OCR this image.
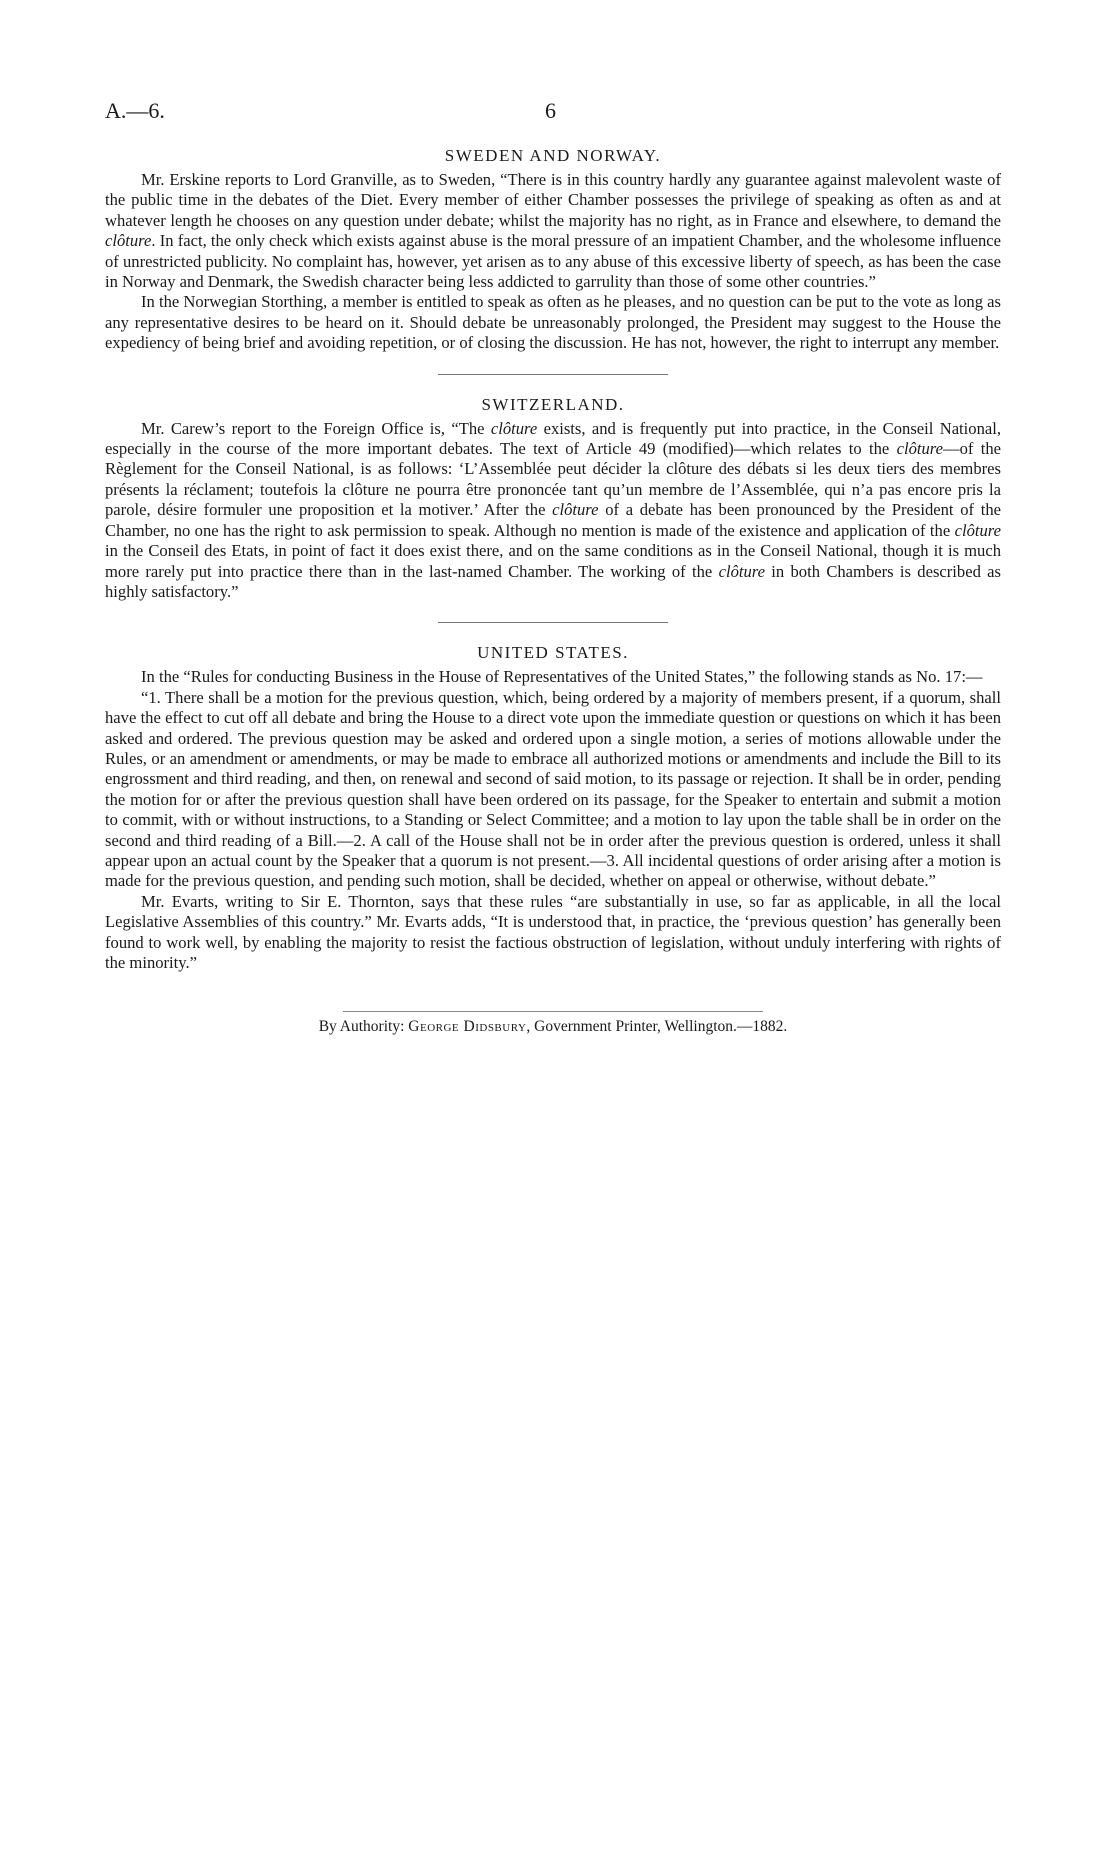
A.—6.	6
SWEDEN AND NORWAY.

Mr. Erskine reports to Lord Granville, as to Sweden, “There is in this country hardly any guarantee against malevolent waste of the public time in the debates of the Diet. Every member of either Chamber possesses the privilege of speaking as often as and at whatever length he chooses on any question under debate; whilst the majority has no right, as in France and elsewhere, to demand the clôture. In fact, the only check which exists against abuse is the moral pressure of an impatient Chamber, and the wholesome influence of unrestricted publicity. No complaint has, however, yet arisen as to any abuse of this excessive liberty of speech, as has been the case in Norway and Denmark, the Swedish character being less addicted to garrulity than those of some other countries.”

In the Norwegian Storthing, a member is entitled to speak as often as he pleases, and no question can be put to the vote as long as any representative desires to be heard on it. Should debate be unreasonably prolonged, the President may suggest to the House the expediency of being brief and avoiding repetition, or of closing the discussion. He has not, however, the right to interrupt any member.

SWITZERLAND.

Mr. Carew’s report to the Foreign Office is, “The clôture exists, and is frequently put into practice, in the Conseil National, especially in the course of the more important debates. The text of Article 49 (modified)—which relates to the clôture—of the Règlement for the Conseil National, is as follows: ‘L’Assemblée peut décider la clôture des débats si les deux tiers des membres présents la réclament; toutefois la clôture ne pourra être prononcée tant qu’un membre de l’Assemblée, qui n’a pas encore pris la parole, désire formuler une proposition et la motiver.’ After the clôture of a debate has been pronounced by the President of the Chamber, no one has the right to ask permission to speak. Although no mention is made of the existence and application of the clôture in the Conseil des Etats, in point of fact it does exist there, and on the same conditions as in the Conseil National, though it is much more rarely put into practice there than in the last-named Chamber. The working of the clôture in both Chambers is described as highly satisfactory.”

UNITED STATES.

In the “Rules for conducting Business in the House of Representatives of the United States,” the following stands as No. 17:—

“1. There shall be a motion for the previous question, which, being ordered by a majority of members present, if a quorum, shall have the effect to cut off all debate and bring the House to a direct vote upon the immediate question or questions on which it has been asked and ordered. The previous question may be asked and ordered upon a single motion, a series of motions allowable under the Rules, or an amendment or amendments, or may be made to embrace all authorized motions or amendments and include the Bill to its engrossment and third reading, and then, on renewal and second of said motion, to its passage or rejection. It shall be in order, pending the motion for or after the previous question shall have been ordered on its passage, for the Speaker to entertain and submit a motion to commit, with or without instructions, to a Standing or Select Committee; and a motion to lay upon the table shall be in order on the second and third reading of a Bill.—2. A call of the House shall not be in order after the previous question is ordered, unless it shall appear upon an actual count by the Speaker that a quorum is not present.—3. All incidental questions of order arising after a motion is made for the previous question, and pending such motion, shall be decided, whether on appeal or otherwise, without debate.”

Mr. Evarts, writing to Sir E. Thornton, says that these rules “are substantially in use, so far as applicable, in all the local Legislative Assemblies of this country.” Mr. Evarts adds, “It is understood that, in practice, the ‘previous question’ has generally been found to work well, by enabling the majority to resist the factious obstruction of legislation, without unduly interfering with rights of the minority.”

By Authority: George Didsbury, Government Printer, Wellington.—1882.
